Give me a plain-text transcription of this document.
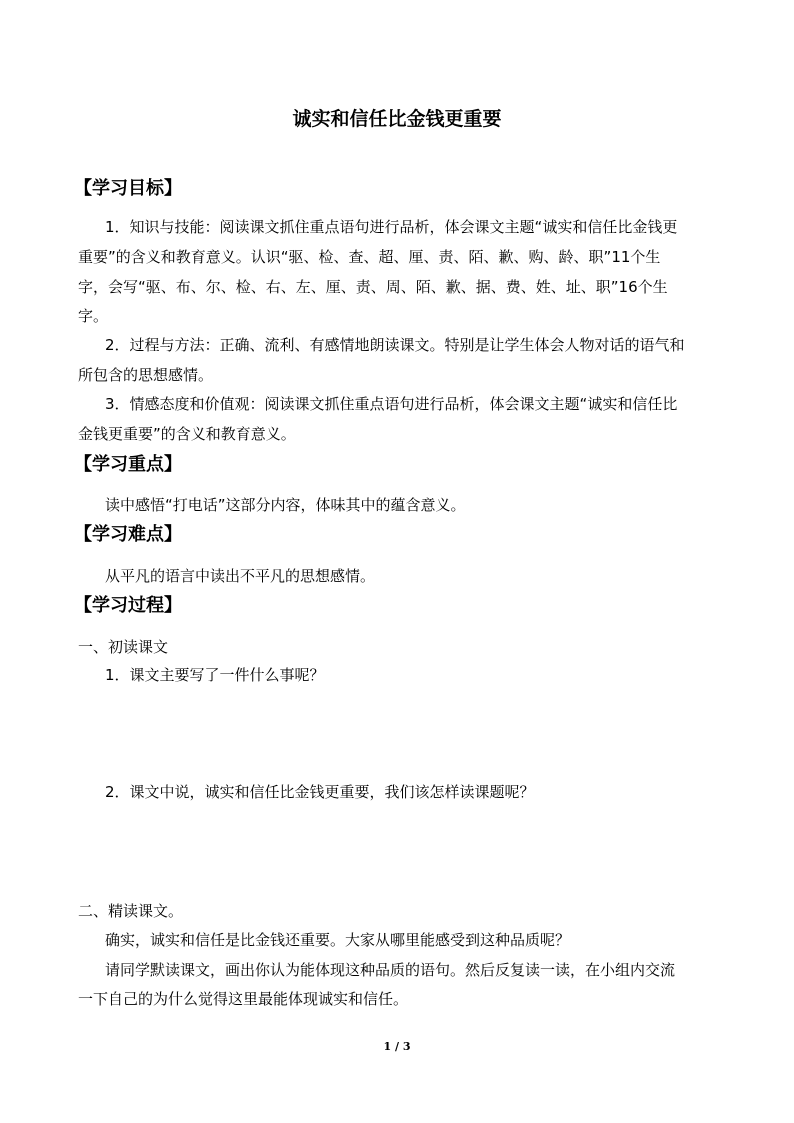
诚实和信任比金钱更重要
【学习目标】
1．知识与技能：阅读课文抓住重点语句进行品析，体会课文主题“诚实和信任比金钱更
重要”的含义和教育意义。认识“驱、检、查、超、厘、责、陌、歉、购、龄、职”11个生
字，会写“驱、布、尔、检、右、左、厘、责、周、陌、歉、据、费、姓、址、职”16个生
字。
2．过程与方法：正确、流利、有感情地朗读课文。特别是让学生体会人物对话的语气和
所包含的思想感情。
3．情感态度和价值观：阅读课文抓住重点语句进行品析，体会课文主题“诚实和信任比
金钱更重要”的含义和教育意义。
【学习重点】
读中感悟“打电话”这部分内容，体味其中的蕴含意义。
【学习难点】
从平凡的语言中读出不平凡的思想感情。
【学习过程】
一、初读课文
1．课文主要写了一件什么事呢？
2．课文中说，诚实和信任比金钱更重要，我们该怎样读课题呢？
二、精读课文。
确实，诚实和信任是比金钱还重要。大家从哪里能感受到这种品质呢？
请同学默读课文，画出你认为能体现这种品质的语句。然后反复读一读，在小组内交流
一下自己的为什么觉得这里最能体现诚实和信任。
1 / 3
